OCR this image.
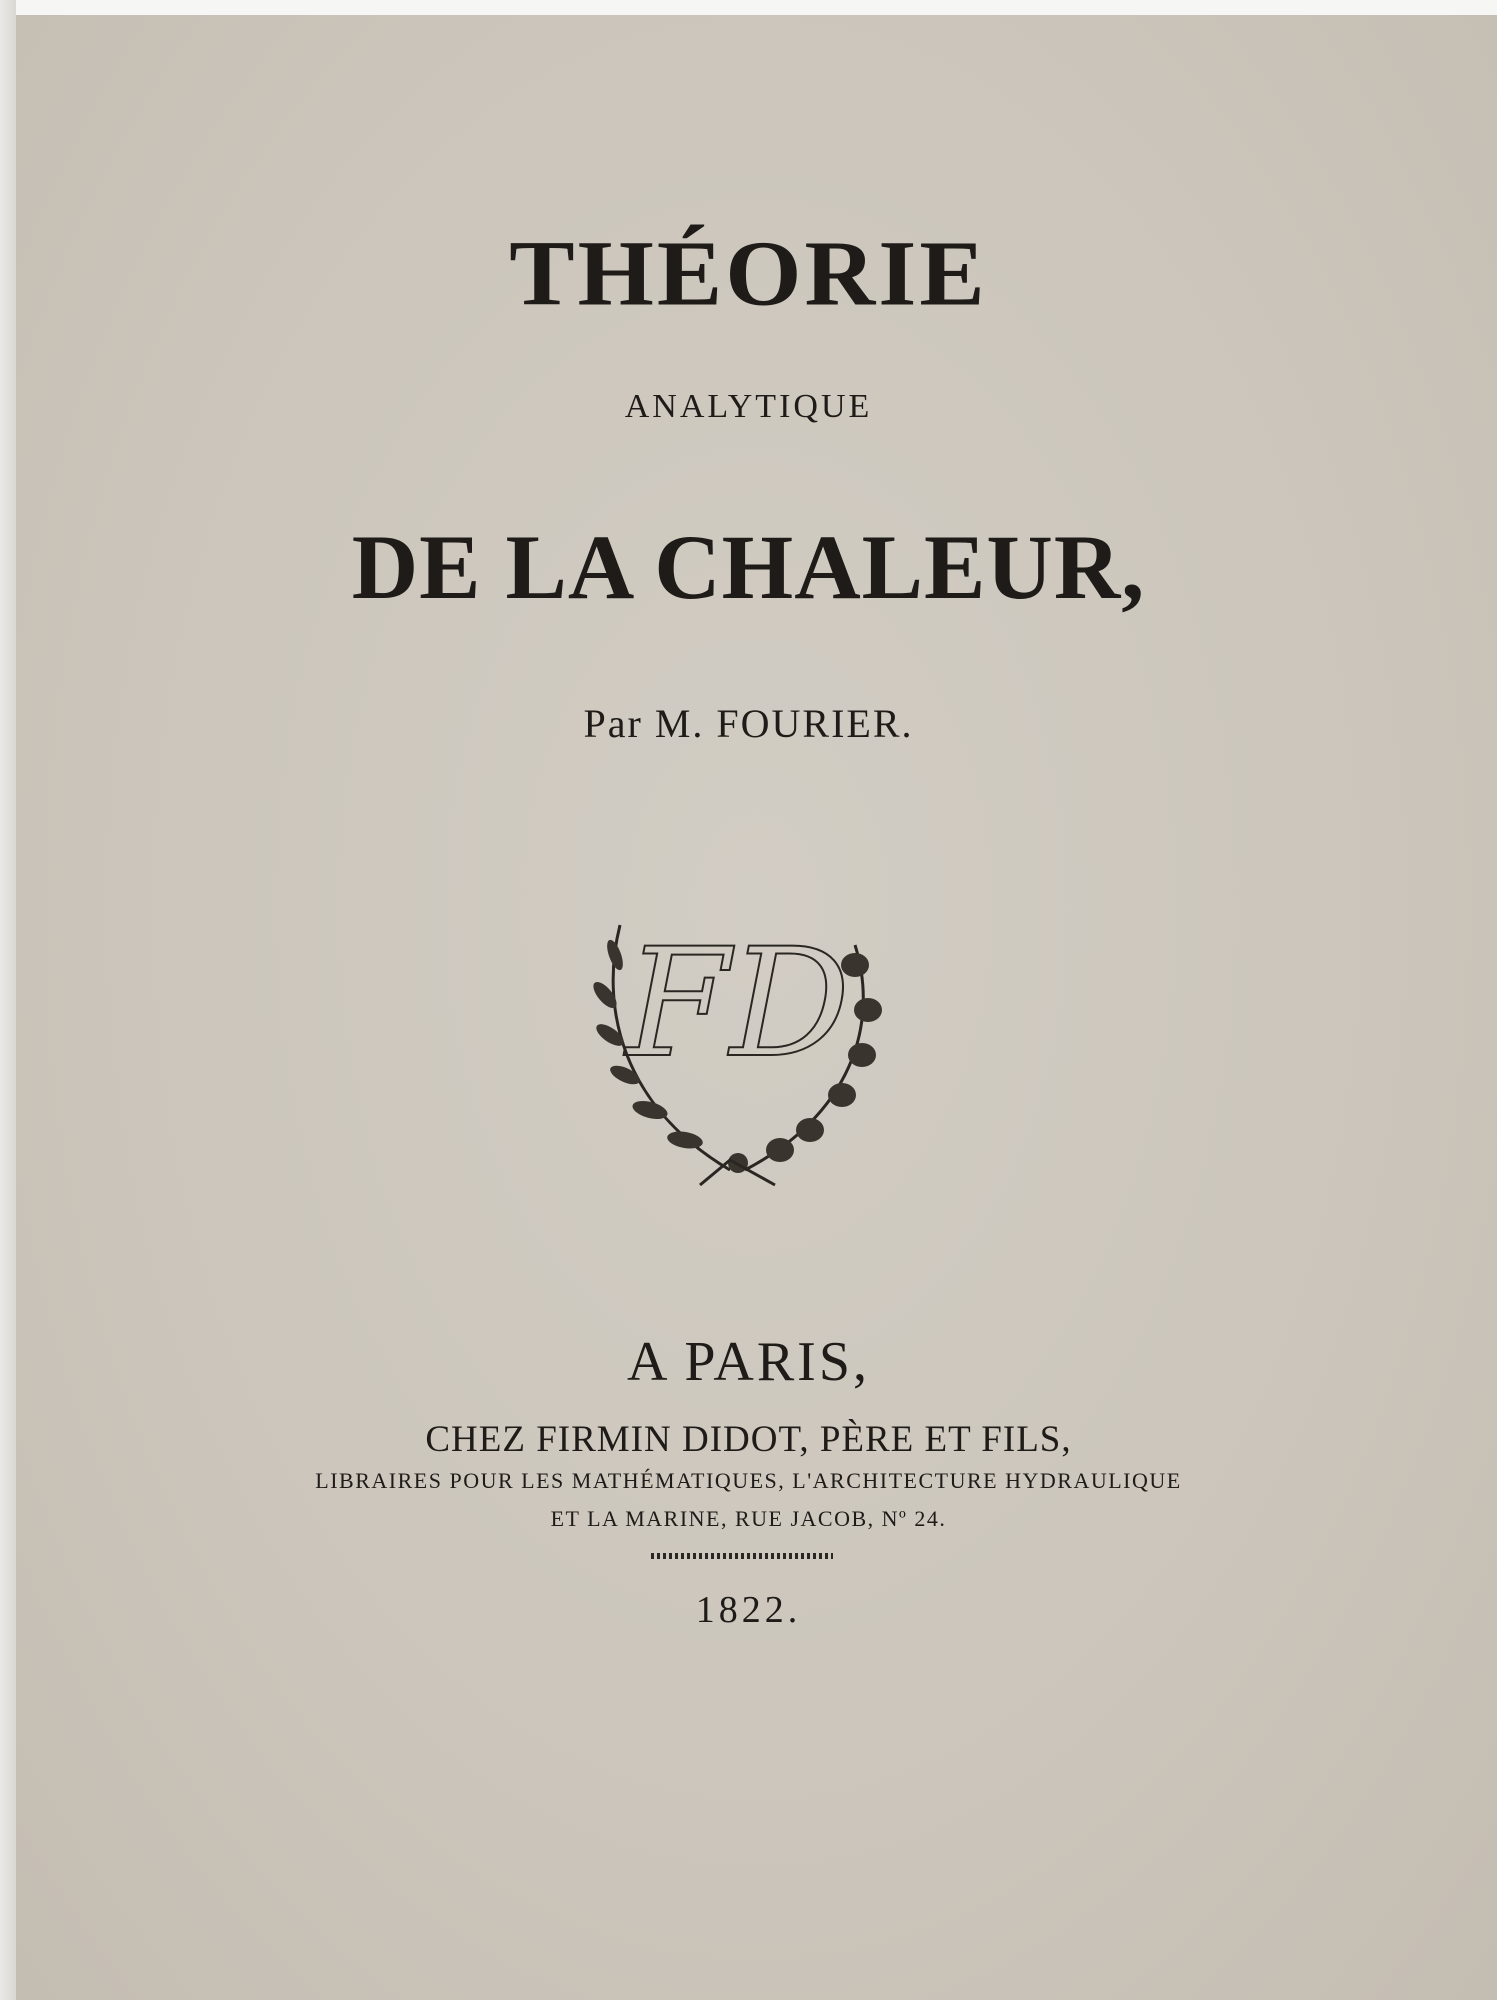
THÉORIE
ANALYTIQUE
DE LA CHALEUR,
Par M. FOURIER.
FD
A PARIS,
CHEZ FIRMIN DIDOT, PÈRE ET FILS,
LIBRAIRES POUR LES MATHÉMATIQUES, L'ARCHITECTURE HYDRAULIQUE
ET LA MARINE, RUE JACOB, Nº 24.
1822.
